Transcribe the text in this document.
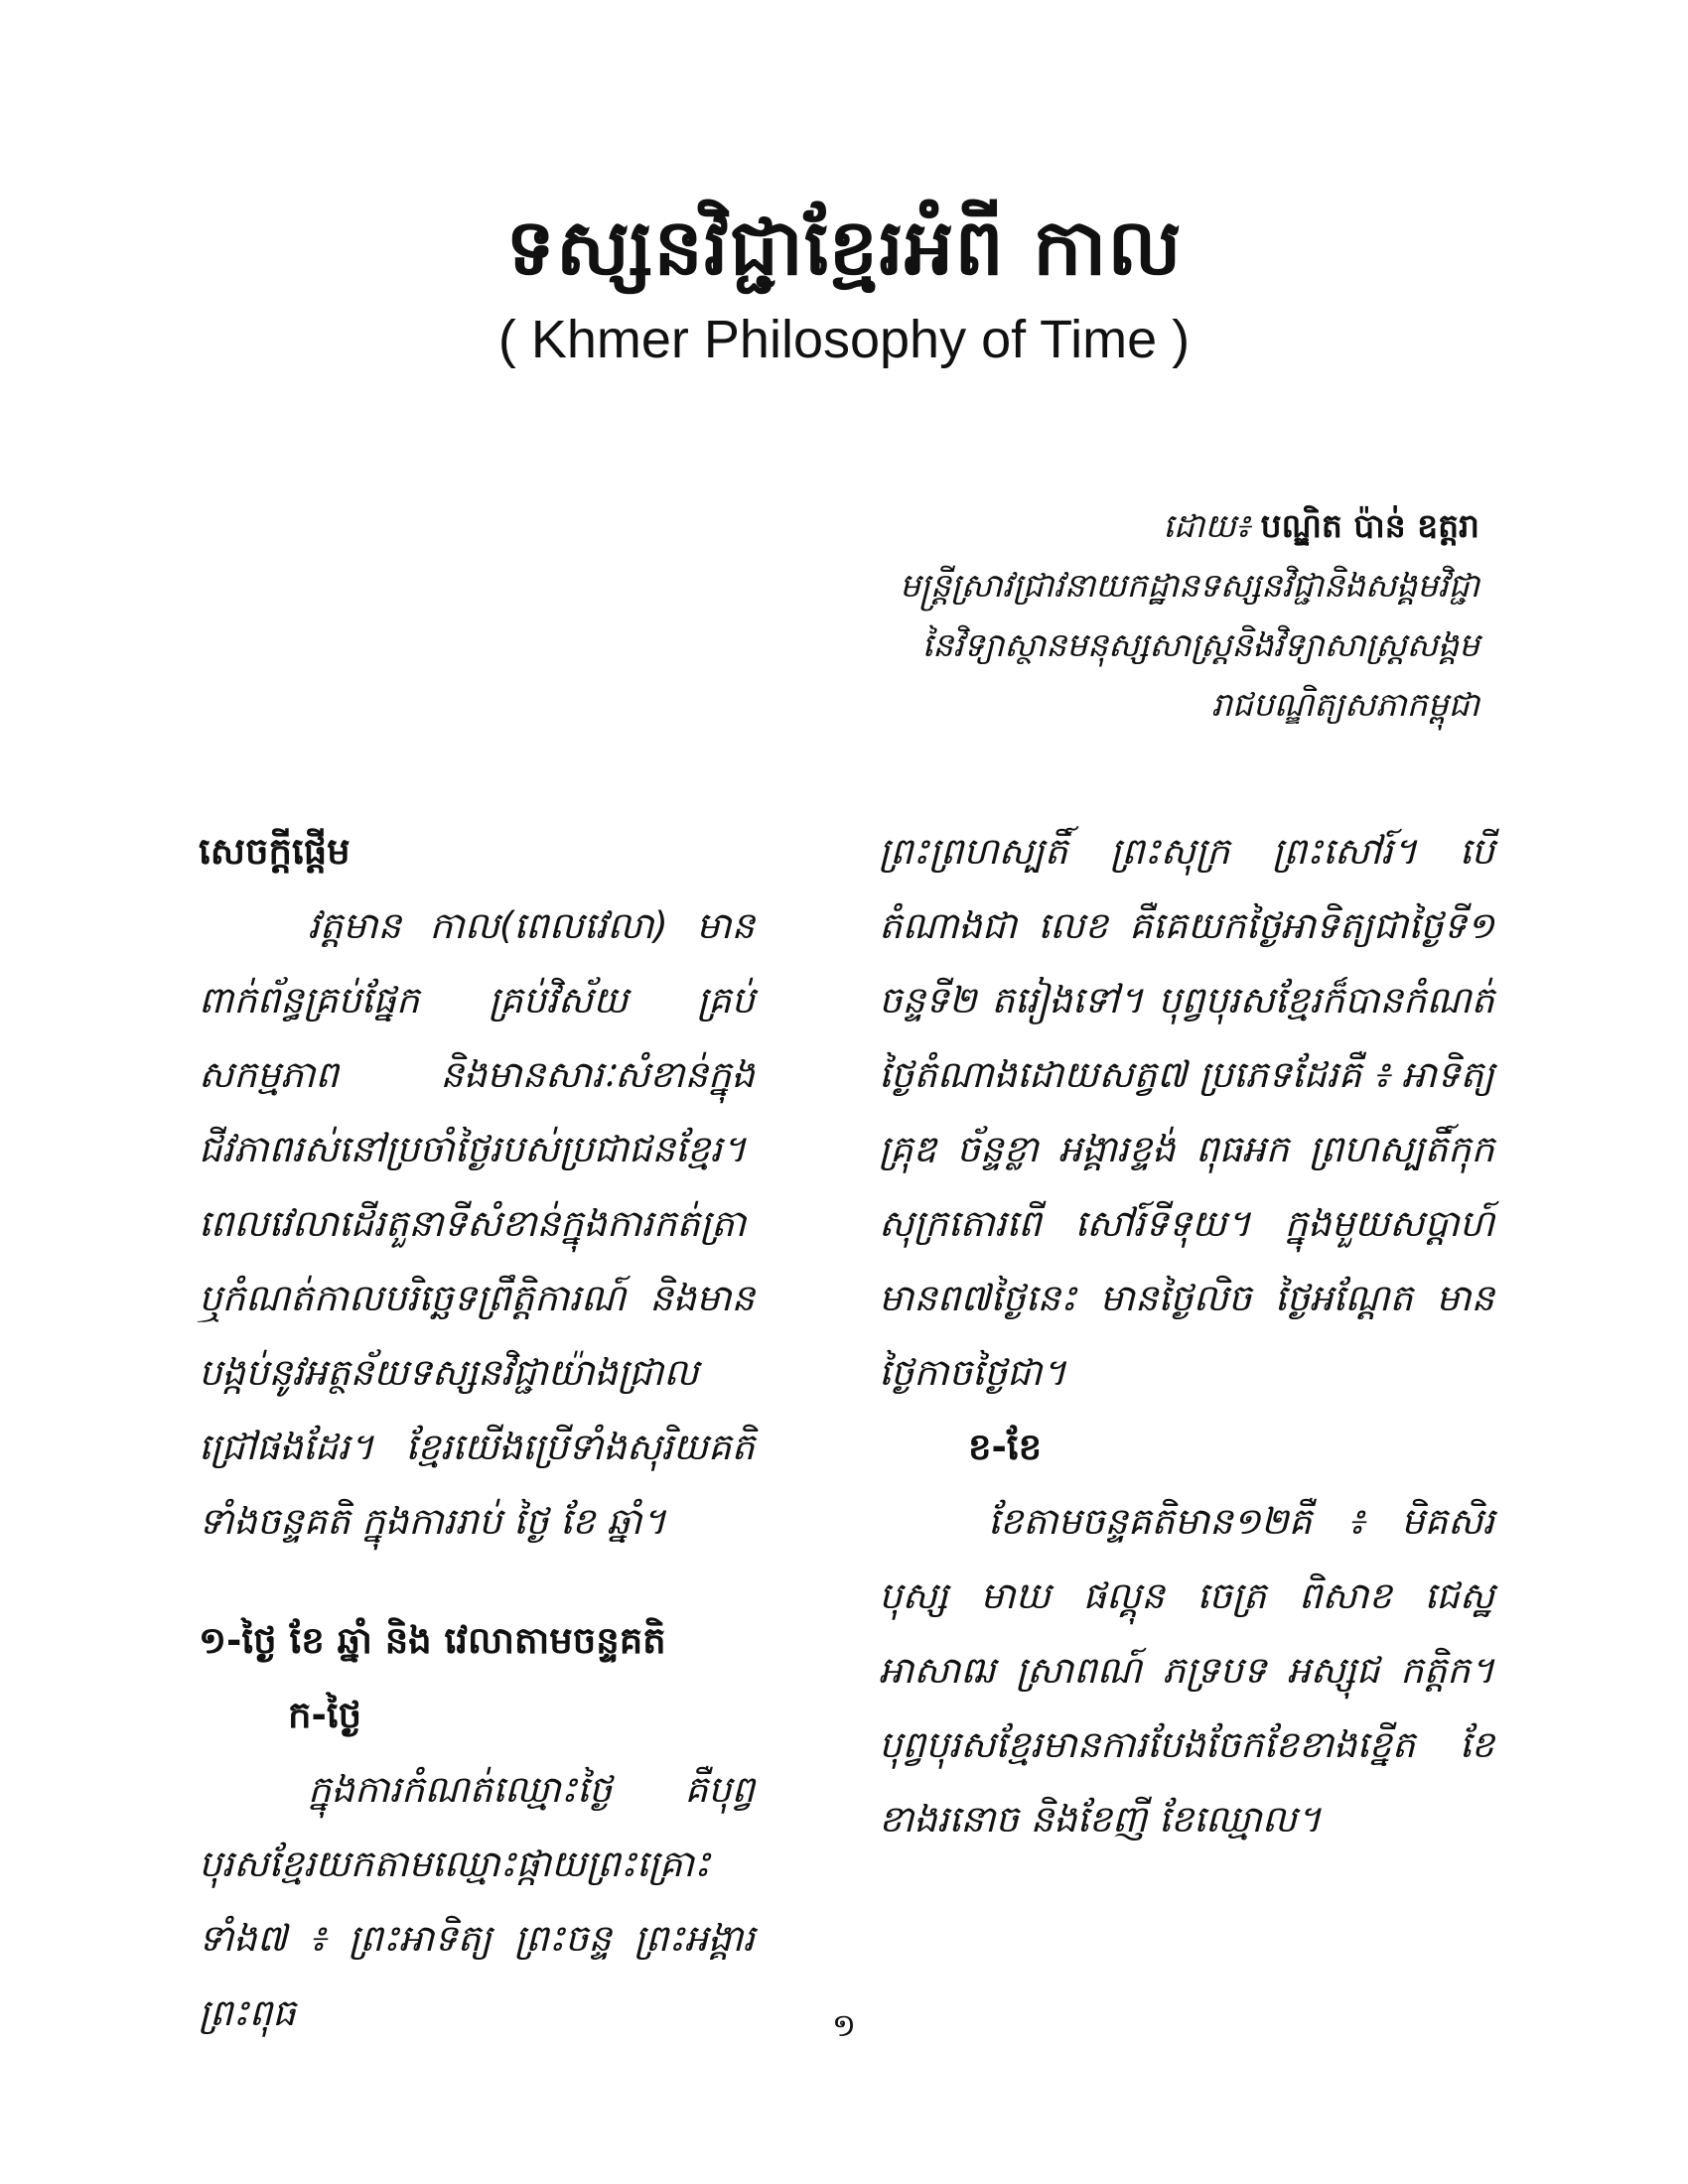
ទស្សនវិជ្ជាខ្មែរអំពី កាល
( Khmer Philosophy of Time )
ដោយ៖ បណ្ឌិត ប៉ាន់ ឧត្តរា
មន្ត្រីស្រាវជ្រាវនាយកដ្ឋានទស្សនវិជ្ជានិងសង្គមវិជ្ជា
នៃវិទ្យាស្ថានមនុស្សសាស្ត្រនិងវិទ្យាសាស្ត្រសង្គម
រាជបណ្ឌិត្យសភាកម្ពុជា
សេចក្ដីផ្ដើម
វត្តមាន កាល(ពេលវេលា) មានពាក់ព័ន្ធគ្រប់ផ្នែក គ្រប់វិស័យ គ្រប់សកម្មភាព និងមានសារៈសំខាន់ក្នុងជីវភាពរស់នៅប្រចាំថ្ងៃរបស់ប្រជាជនខ្មែរ។ ពេលវេលាដើរតួនាទីសំខាន់ក្នុងការកត់ត្រា ឬកំណត់កាលបរិច្ឆេទព្រឹត្តិការណ៍ និងមានបង្កប់នូវអត្ថន័យទស្សនវិជ្ជាយ៉ាងជ្រាលជ្រៅផងដែរ។ ខ្មែរយើងប្រើទាំងសុរិយគតិ ទាំងចន្ទគតិ ក្នុងការរាប់ ថ្ងៃ ខែ ឆ្នាំ។
១-ថ្ងៃ ខែ ឆ្នាំ និង វេលាតាមចន្ទគតិ
ក-ថ្ងៃ
ក្នុងការកំណត់ឈ្មោះថ្ងៃ គឺបុព្វបុរសខ្មែរយកតាមឈ្មោះផ្កាយព្រះគ្រោះទាំង៧ ៖ ព្រះអាទិត្យ ព្រះចន្ទ ព្រះអង្គារ ព្រះពុធ
ព្រះព្រហស្បតិ៍ ព្រះសុក្រ ព្រះសៅរ៍។ បើតំណាងជា លេខ គឺគេយកថ្ងៃអាទិត្យជាថ្ងៃទី១ ចន្ទទី២ តរៀងទៅ។ បុព្វបុរសខ្មែរក៏បានកំណត់ថ្ងៃតំណាងដោយសត្វ៧ ប្រភេទដែរគឺ ៖ អាទិត្យគ្រុឌ ច័ន្ទខ្លា អង្គារខ្ទង់ ពុធអក ព្រហស្បតិ៍កុក សុក្រតោរពើ សៅរ៍ទីទុយ។ ក្នុងមួយសប្ដាហ៍មានព៧ថ្ងៃនេះ មានថ្ងៃលិច ថ្ងៃអណ្ដែត មានថ្ងៃកាចថ្ងៃជា។
ខ-ខែ
ខែតាមចន្ទគតិមាន១២គឺ ៖ មិគសិរ បុស្ស មាឃ ផល្គុន ចេត្រ ពិសាខ ជេស្ឋ អាសាឍ ស្រាពណ៍ ភទ្របទ អស្សុជ កត្តិក។ បុព្វបុរសខ្មែរមានការបែងចែកខែខាងខ្នើត ខែខាងរនោច និងខែញី ខែឈ្មោល។
១
